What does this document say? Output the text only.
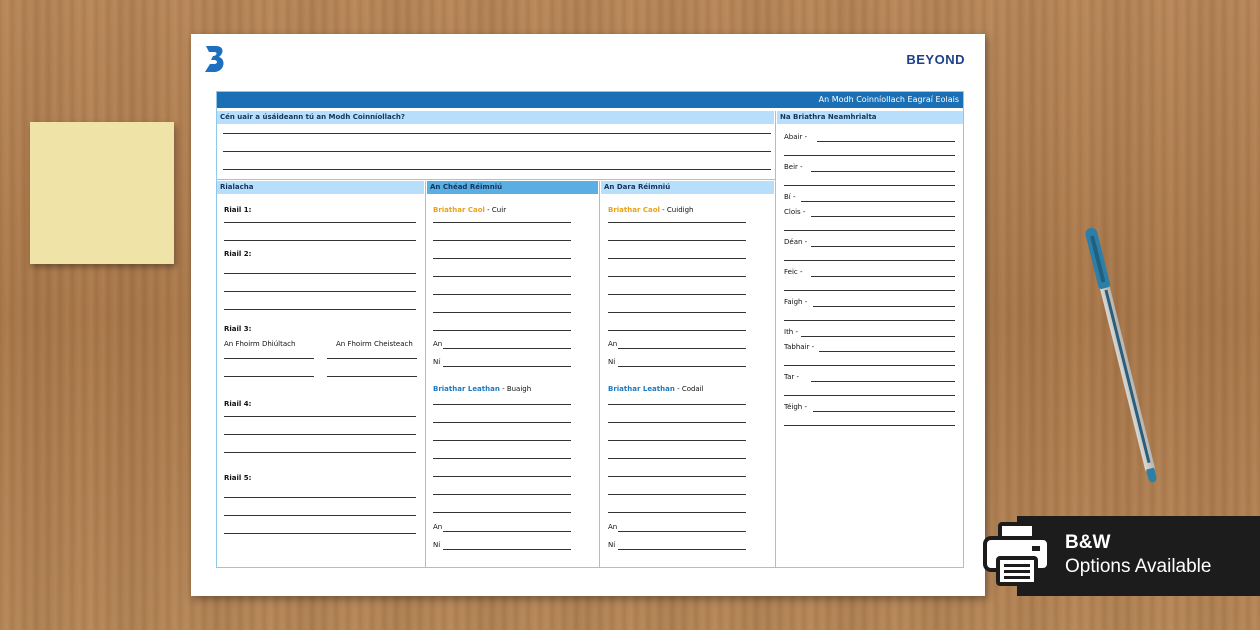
BEYOND
An Modh Coinníollach Eagraí Eolais
Cén uair a úsáideann tú an Modh Coinníollach?	Na Briathra Neamhrialta
Rialacha	An Chéad Réimniú	An Dara Réimniú
Riail 1:
Riail 2:
Riail 3:
An Fhoirm Dhiúltach	An Fhoirm Cheisteach
Riail 4:
Riail 5:
Briathar Caol - Cuir
An
Ní
Briathar Leathan - Buaigh
An
Ní
Briathar Caol - Cuidigh
An
Ní
Briathar Leathan - Codail
An
Ní
Abair -
Beir -
Bí -
Clois -
Déan -
Feic -
Faigh -
Ith -
Tabhair -
Tar -
Téigh -
B&W
Options Available
